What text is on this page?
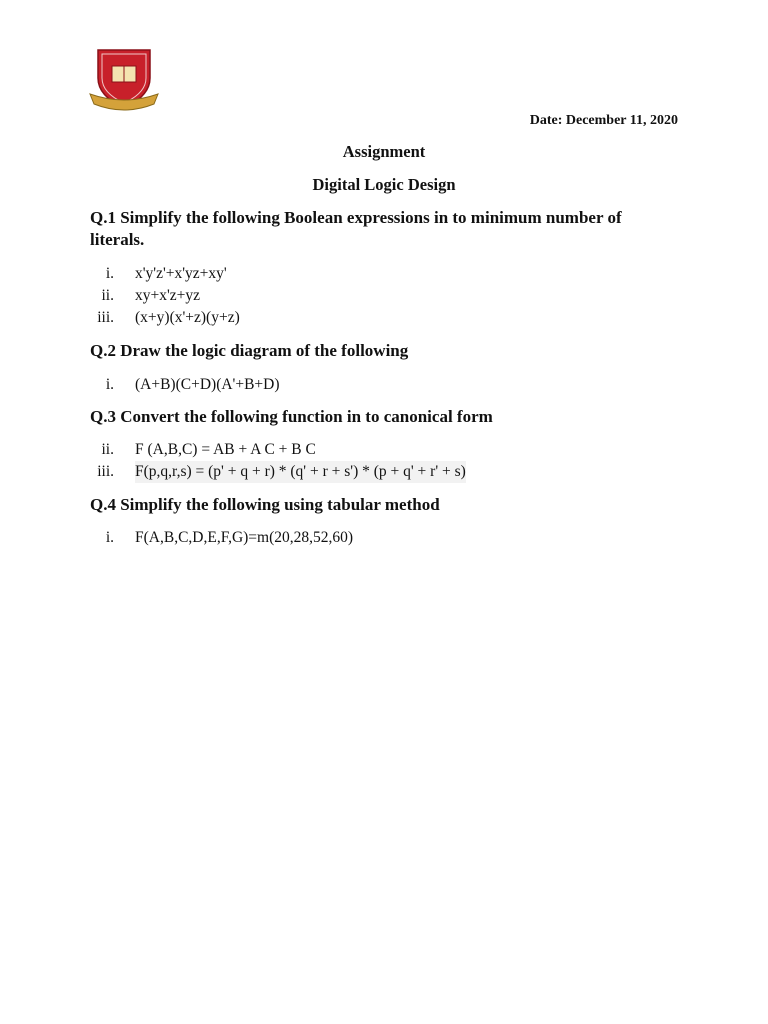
Date: December 11, 2020
Assignment
Digital Logic Design
Q.1 Simplify the following Boolean expressions in to minimum number of literals.
i. x'y'z'+x'yz+xy'
ii. xy+x'z+yz
iii. (x+y)(x'+z)(y+z)
Q.2 Draw the logic diagram of the following
i. (A+B)(C+D)(A'+B+D)
Q.3 Convert the following function in to canonical form
ii. F (A,B,C) = AB + A C + B C
iii. F(p,q,r,s) = (p' + q + r) * (q' + r + s') * (p + q' + r' + s)
Q.4 Simplify the following using tabular method
i. F(A,B,C,D,E,F,G)=m(20,28,52,60)
